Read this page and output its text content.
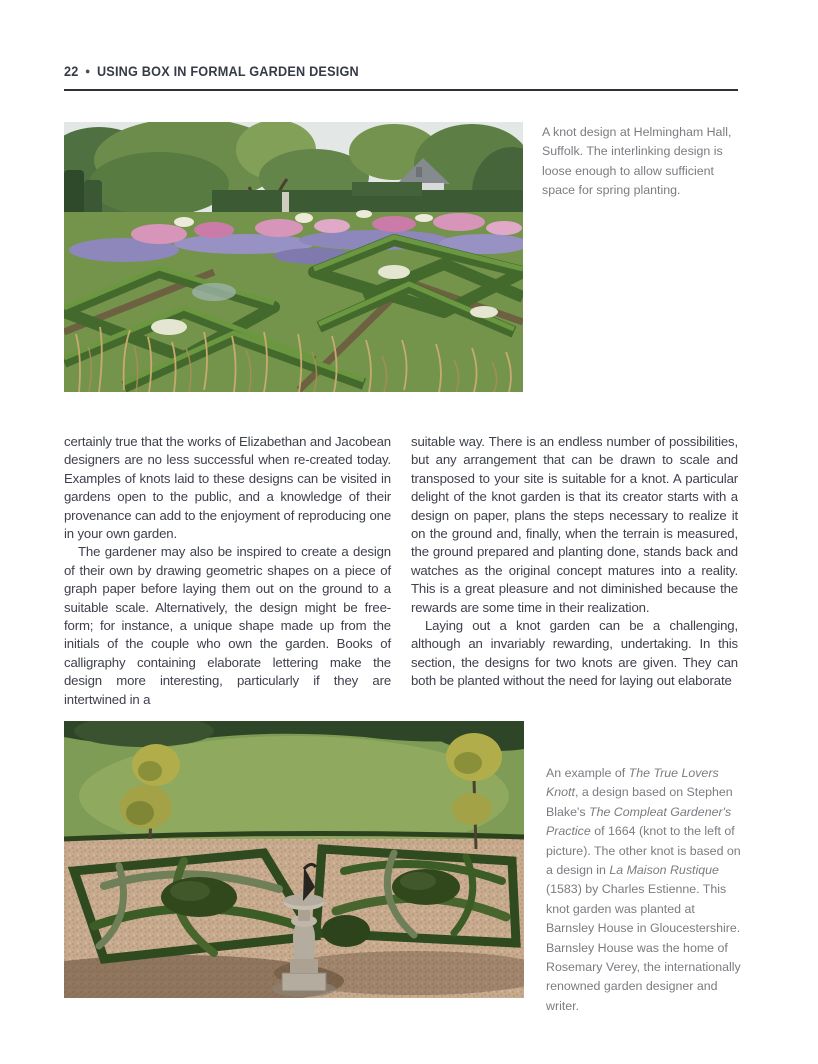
22 ● USING BOX IN FORMAL GARDEN DESIGN

A knot design at Helmingham Hall, Suffolk. The interlinking design is loose enough to allow sufficient space for spring planting.

certainly true that the works of Elizabethan and Jacobean designers are no less successful when re-created today. Examples of knots laid to these designs can be visited in gardens open to the public, and a knowledge of their provenance can add to the enjoyment of reproducing one in your own garden.

The gardener may also be inspired to create a design of their own by drawing geometric shapes on a piece of graph paper before laying them out on the ground to a suitable scale. Alternatively, the design might be free-form; for instance, a unique shape made up from the initials of the couple who own the garden. Books of calligraphy containing elaborate lettering make the design more interesting, particularly if they are intertwined in a

suitable way. There is an endless number of possibilities, but any arrangement that can be drawn to scale and transposed to your site is suitable for a knot. A particular delight of the knot garden is that its creator starts with a design on paper, plans the steps necessary to realize it on the ground and, finally, when the terrain is measured, the ground prepared and planting done, stands back and watches as the original concept matures into a reality. This is a great pleasure and not diminished because the rewards are some time in their realization.

Laying out a knot garden can be a challenging, although an invariably rewarding, undertaking. In this section, the designs for two knots are given. They can both be planted without the need for laying out elaborate

An example of The True Lovers Knott, a design based on Stephen Blake's The Compleat Gardener's Practice of 1664 (knot to the left of picture). The other knot is based on a design in La Maison Rustique (1583) by Charles Estienne. This knot garden was planted at Barnsley House in Gloucestershire. Barnsley House was the home of Rosemary Verey, the internationally renowned garden designer and writer.
